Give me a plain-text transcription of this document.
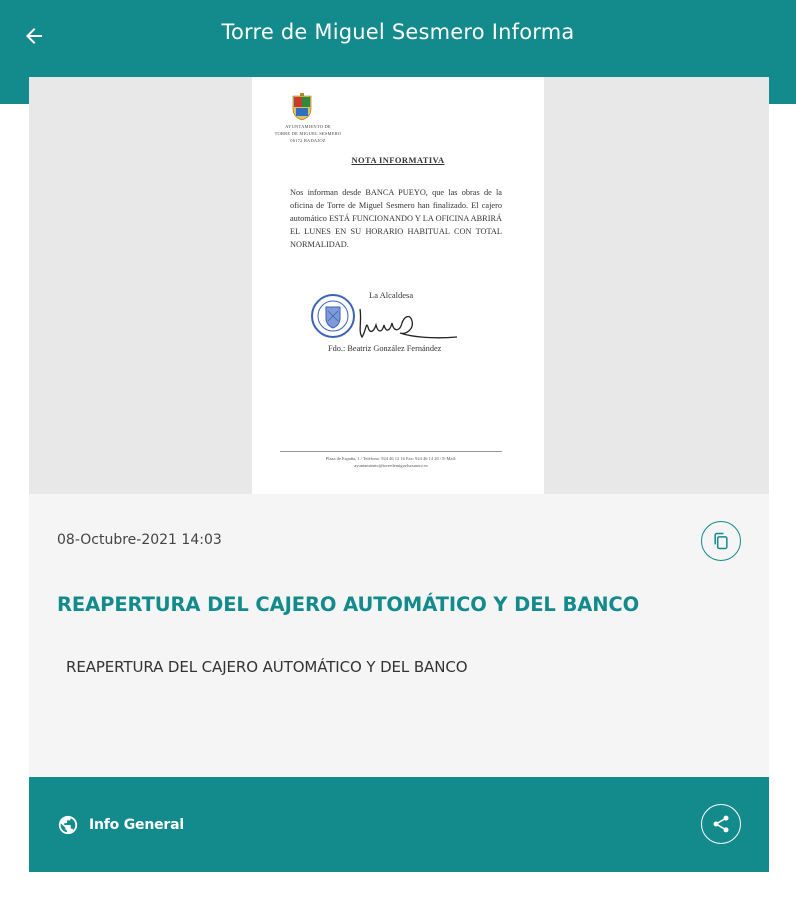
Torre de Miguel Sesmero Informa
AYUNTAMIENTO DE
TORRE DE MIGUEL SESMERO
06172 BADAJOZ
NOTA INFORMATIVA
Nos informan desde BANCA PUEYO, que las obras de la oficina de Torre de Miguel Sesmero han finalizado. El cajero automático ESTÁ FUNCIONANDO Y LA OFICINA ABRIRÁ EL LUNES EN SU HORARIO HABITUAL CON TOTAL NORMALIDAD.
La Alcaldesa
Fdo.: Beatriz González Fernández
Plaza de España, 1 / Teléfono: 924 46 12 16 Fax: 924 46 14 20 / E-Mail:
ayuntamiento@torredemiguelsesmero.es
08-Octubre-2021 14:03
REAPERTURA DEL CAJERO AUTOMÁTICO Y DEL BANCO

REAPERTURA DEL CAJERO AUTOMÁTICO Y DEL BANCO

Info General
